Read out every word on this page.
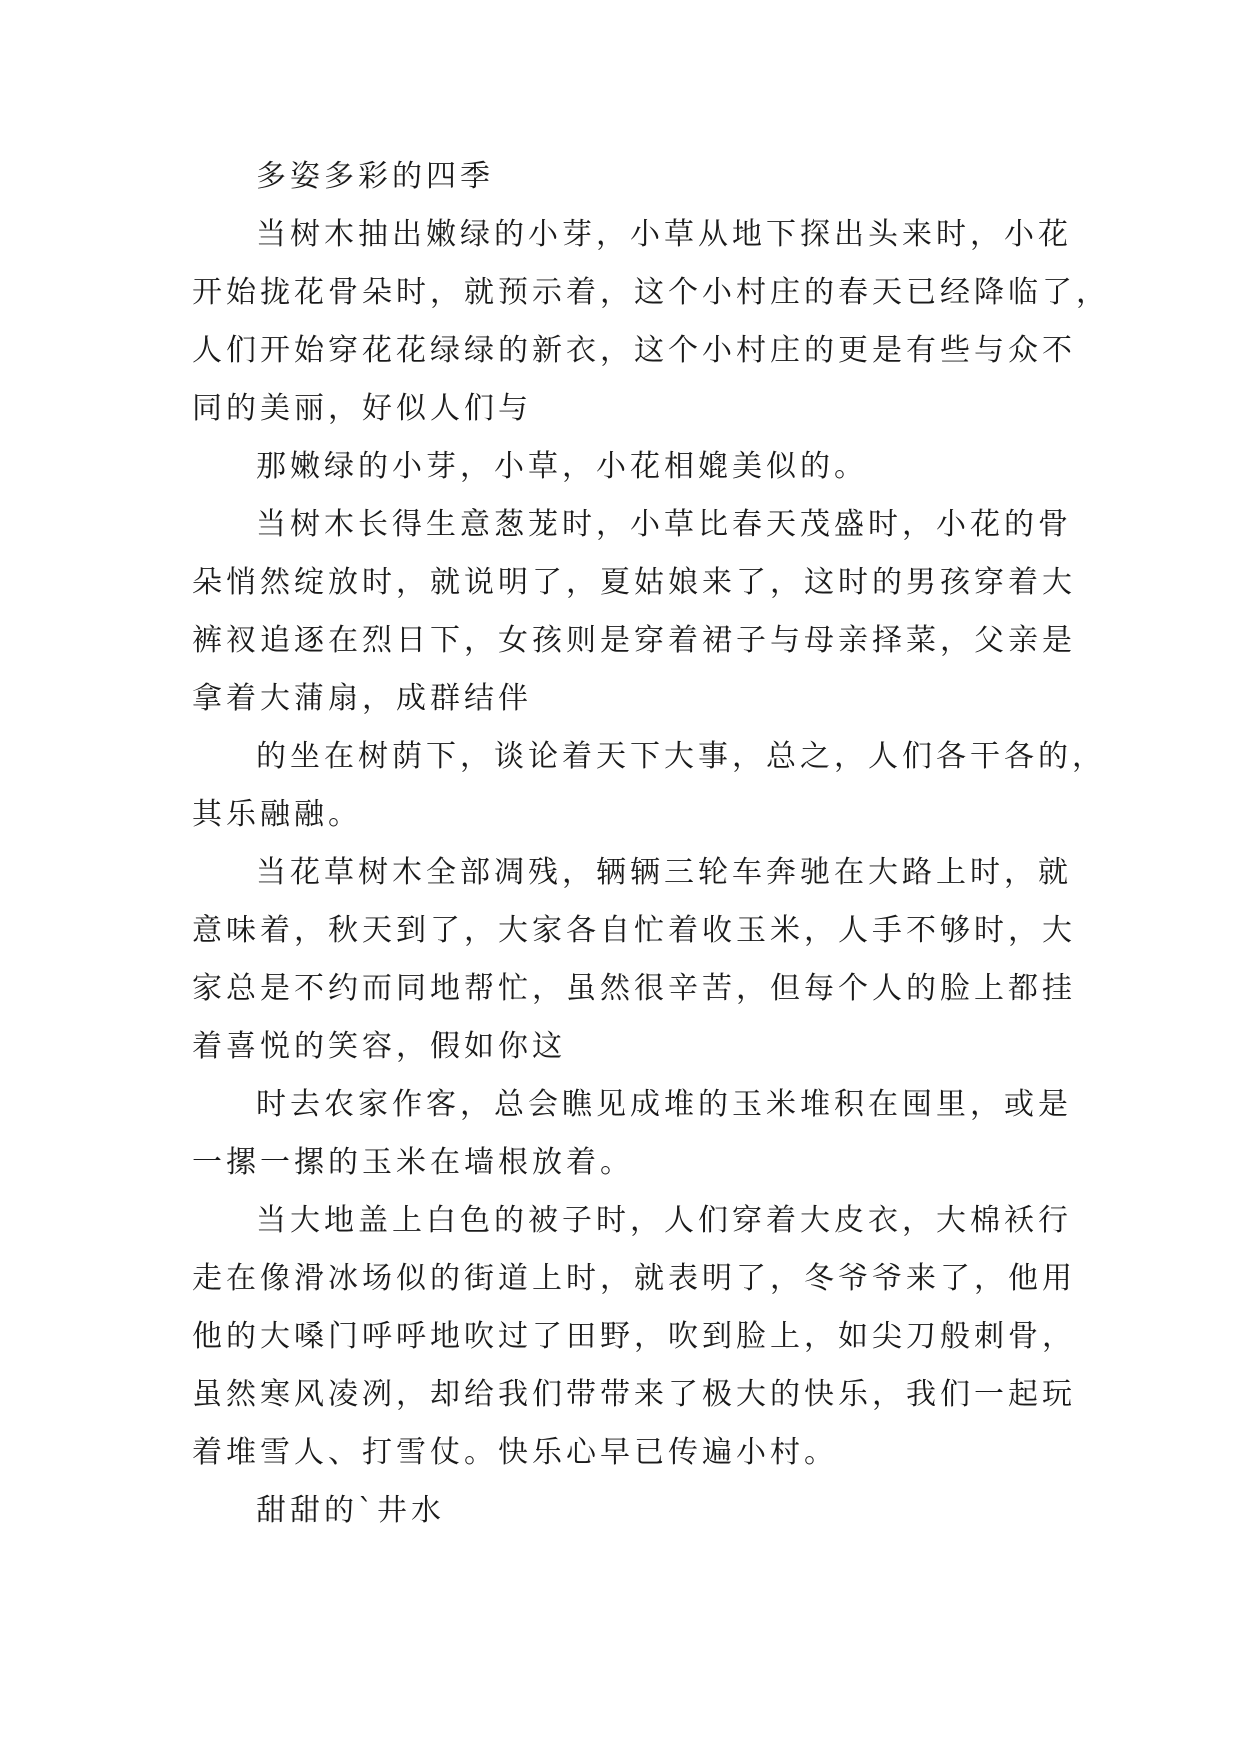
多姿多彩的四季
当树木抽出嫩绿的小芽，小草从地下探出头来时，小花
开始拢花骨朵时，就预示着，这个小村庄的春天已经降临了，
人们开始穿花花绿绿的新衣，这个小村庄的更是有些与众不
同的美丽，好似人们与
那嫩绿的小芽，小草，小花相媲美似的。
当树木长得生意葱茏时，小草比春天茂盛时，小花的骨
朵悄然绽放时，就说明了，夏姑娘来了，这时的男孩穿着大
裤衩追逐在烈日下，女孩则是穿着裙子与母亲择菜，父亲是
拿着大蒲扇，成群结伴
的坐在树荫下，谈论着天下大事，总之，人们各干各的，
其乐融融。
当花草树木全部凋残，辆辆三轮车奔驰在大路上时，就
意味着，秋天到了，大家各自忙着收玉米，人手不够时，大
家总是不约而同地帮忙，虽然很辛苦，但每个人的脸上都挂
着喜悦的笑容，假如你这
时去农家作客，总会瞧见成堆的玉米堆积在囤里，或是
一摞一摞的玉米在墙根放着。
当大地盖上白色的被子时，人们穿着大皮衣，大棉袄行
走在像滑冰场似的街道上时，就表明了，冬爷爷来了，他用
他的大嗓门呼呼地吹过了田野，吹到脸上，如尖刀般刺骨，
虽然寒风凌冽，却给我们带带来了极大的快乐，我们一起玩
着堆雪人、打雪仗。快乐心早已传遍小村。
甜甜的`井水
